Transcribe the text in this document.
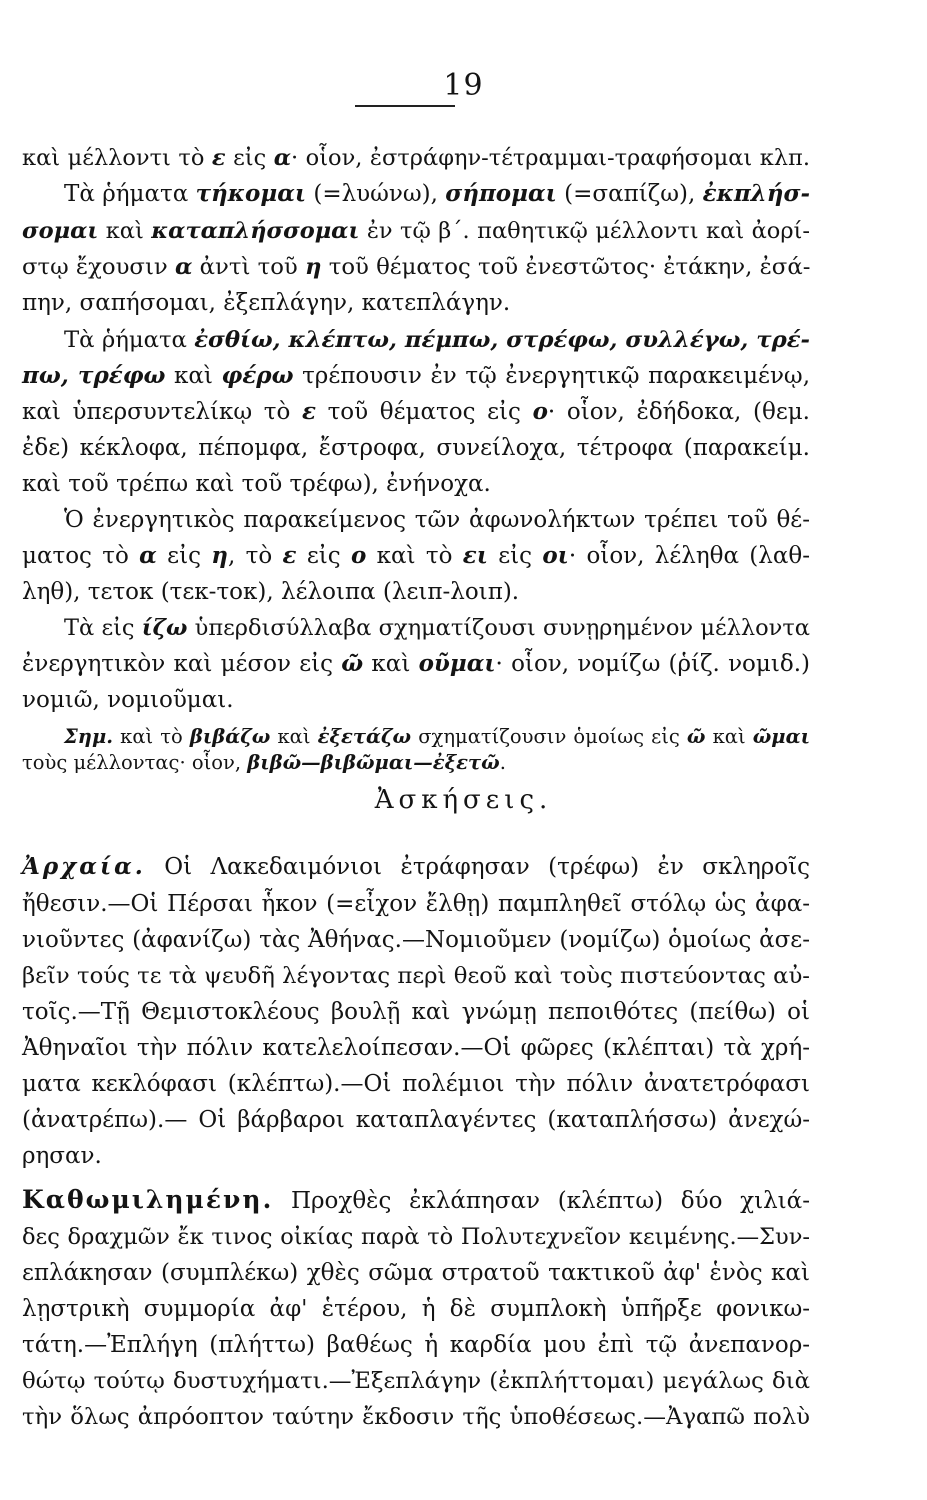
19
καὶ μέλλοντι τὸ ε εἰς α· οἷον, ἐστράφην-τέτραμμαι-τραφήσομαι κλπ.
Τὰ ῥήματα τήκομαι (=λυώνω), σήπομαι (=σαπίζω), ἐκπλήσ-
σομαι καὶ καταπλήσσομαι ἐν τῷ β΄. παθητικῷ μέλλοντι καὶ ἀορί-
στῳ ἔχουσιν α ἀντὶ τοῦ η τοῦ θέματος τοῦ ἐνεστῶτος· ἐτάκην, ἐσά-
πην, σαπήσομαι, ἐξεπλάγην, κατεπλάγην.
Τὰ ῥήματα ἐσθίω, κλέπτω, πέμπω, στρέφω, συλλέγω, τρέ-
πω, τρέφω καὶ φέρω τρέπουσιν ἐν τῷ ἐνεργητικῷ παρακειμένῳ,
καὶ ὑπερσυντελίκῳ τὸ ε τοῦ θέματος εἰς ο· οἷον, ἐδήδοκα, (θεμ.
ἐδε) κέκλοφα, πέπομφα, ἔστροφα, συνείλοχα, τέτροφα (παρακείμ.
καὶ τοῦ τρέπω καὶ τοῦ τρέφω), ἐνήνοχα.
Ὁ ἐνεργητικὸς παρακείμενος τῶν ἀφωνολήκτων τρέπει τοῦ θέ-
ματος τὸ α εἰς η, τὸ ε εἰς ο καὶ τὸ ει εἰς οι· οἷον, λέληθα (λαθ-
ληθ), τετοκ (τεκ-τοκ), λέλοιπα (λειπ-λοιπ).
Τὰ εἰς ίζω ὑπερδισύλλαβα σχηματίζουσι συνῃρημένον μέλλοντα
ἐνεργητικὸν καὶ μέσον εἰς ῶ καὶ οῦμαι· οἷον, νομίζω (ῥίζ. νομιδ.)
νομιῶ, νομιοῦμαι.
Σημ. καὶ τὸ βιβάζω καὶ ἐξετάζω σχηματίζουσιν ὁμοίως εἰς ῶ καὶ ῶμαι
τοὺς μέλλοντας· οἷον, βιβῶ—βιβῶμαι—ἐξετῶ.
Ἀσκήσεις.
Ἀρχαία. Οἱ Λακεδαιμόνιοι ἐτράφησαν (τρέφω) ἐν σκληροῖς
ἤθεσιν.—Οἱ Πέρσαι ἧκον (=εἶχον ἔλθῃ) παμπληθεῖ στόλῳ ὡς ἀφα-
νιοῦντες (ἀφανίζω) τὰς Ἀθήνας.—Νομιοῦμεν (νομίζω) ὁμοίως ἀσε-
βεῖν τούς τε τὰ ψευδῆ λέγοντας περὶ θεοῦ καὶ τοὺς πιστεύοντας αὐ-
τοῖς.—Τῇ Θεμιστοκλέους βουλῇ καὶ γνώμῃ πεποιθότες (πείθω) οἱ
Ἀθηναῖοι τὴν πόλιν κατελελοίπεσαν.—Οἱ φῶρες (κλέπται) τὰ χρή-
ματα κεκλόφασι (κλέπτω).—Οἱ πολέμιοι τὴν πόλιν ἀνατετρόφασι
(ἀνατρέπω).— Οἱ βάρβαροι καταπλαγέντες (καταπλήσσω) ἀνεχώ-
ρησαν.
Καθωμιλημένη. Προχθὲς ἐκλάπησαν (κλέπτω) δύο χιλιά-
δες δραχμῶν ἔκ τινος οἰκίας παρὰ τὸ Πολυτεχνεῖον κειμένης.—Συν-
επλάκησαν (συμπλέκω) χθὲς σῶμα στρατοῦ τακτικοῦ ἀφ' ἑνὸς καὶ
λῃστρικὴ συμμορία ἀφ' ἑτέρου, ἡ δὲ συμπλοκὴ ὑπῆρξε φονικω-
τάτη.—Ἐπλήγη (πλήττω) βαθέως ἡ καρδία μου ἐπὶ τῷ ἀνεπανορ-
θώτῳ τούτῳ δυστυχήματι.—Ἐξεπλάγην (ἐκπλήττομαι) μεγάλως διὰ
τὴν ὅλως ἀπρόοπτον ταύτην ἔκδοσιν τῆς ὑποθέσεως.—Ἀγαπῶ πολὺ
